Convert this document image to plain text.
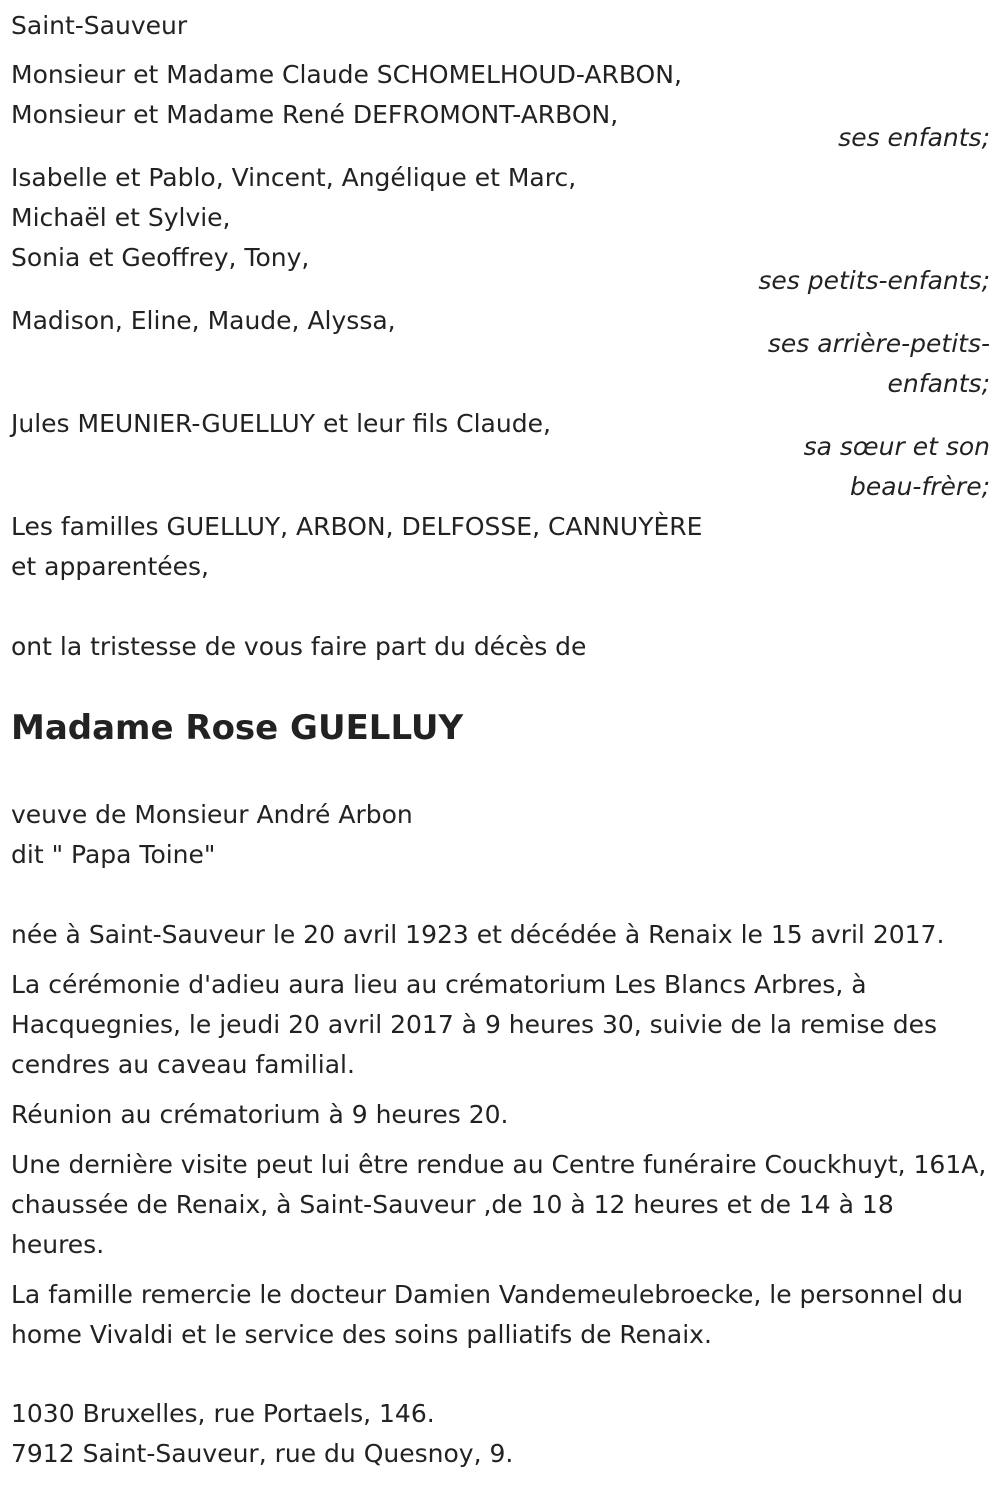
Saint-Sauveur
Monsieur et Madame Claude SCHOMELHOUD-ARBON,
Monsieur et Madame René DEFROMONT-ARBON,
ses enfants;
Isabelle et Pablo, Vincent, Angélique et Marc,
Michaël et Sylvie,
Sonia et Geoffrey, Tony,
ses petits-enfants;
Madison, Eline, Maude, Alyssa,
ses arrière-petits-
enfants;
Jules MEUNIER-GUELLUY et leur fils Claude,
sa sœur et son
beau-frère;
Les familles GUELLUY, ARBON, DELFOSSE, CANNUYÈRE
et apparentées,
ont la tristesse de vous faire part du décès de
Madame Rose GUELLUY
veuve de Monsieur André Arbon
dit " Papa Toine"

née à Saint-Sauveur le 20 avril 1923 et décédée à Renaix le 15 avril 2017.

La cérémonie d'adieu aura lieu au crématorium Les Blancs Arbres, à Hacquegnies, le jeudi 20 avril 2017 à 9 heures 30, suivie de la remise des cendres au caveau familial.

Réunion au crématorium à 9 heures 20.

Une dernière visite peut lui être rendue au Centre funéraire Couckhuyt, 161A, chaussée de Renaix, à Saint-Sauveur ,de 10 à 12 heures et de 14 à 18 heures.

La famille remercie le docteur Damien Vandemeulebroecke, le personnel du home Vivaldi et le service des soins palliatifs de Renaix.

1030 Bruxelles, rue Portaels, 146.
7912 Saint-Sauveur, rue du Quesnoy, 9.
